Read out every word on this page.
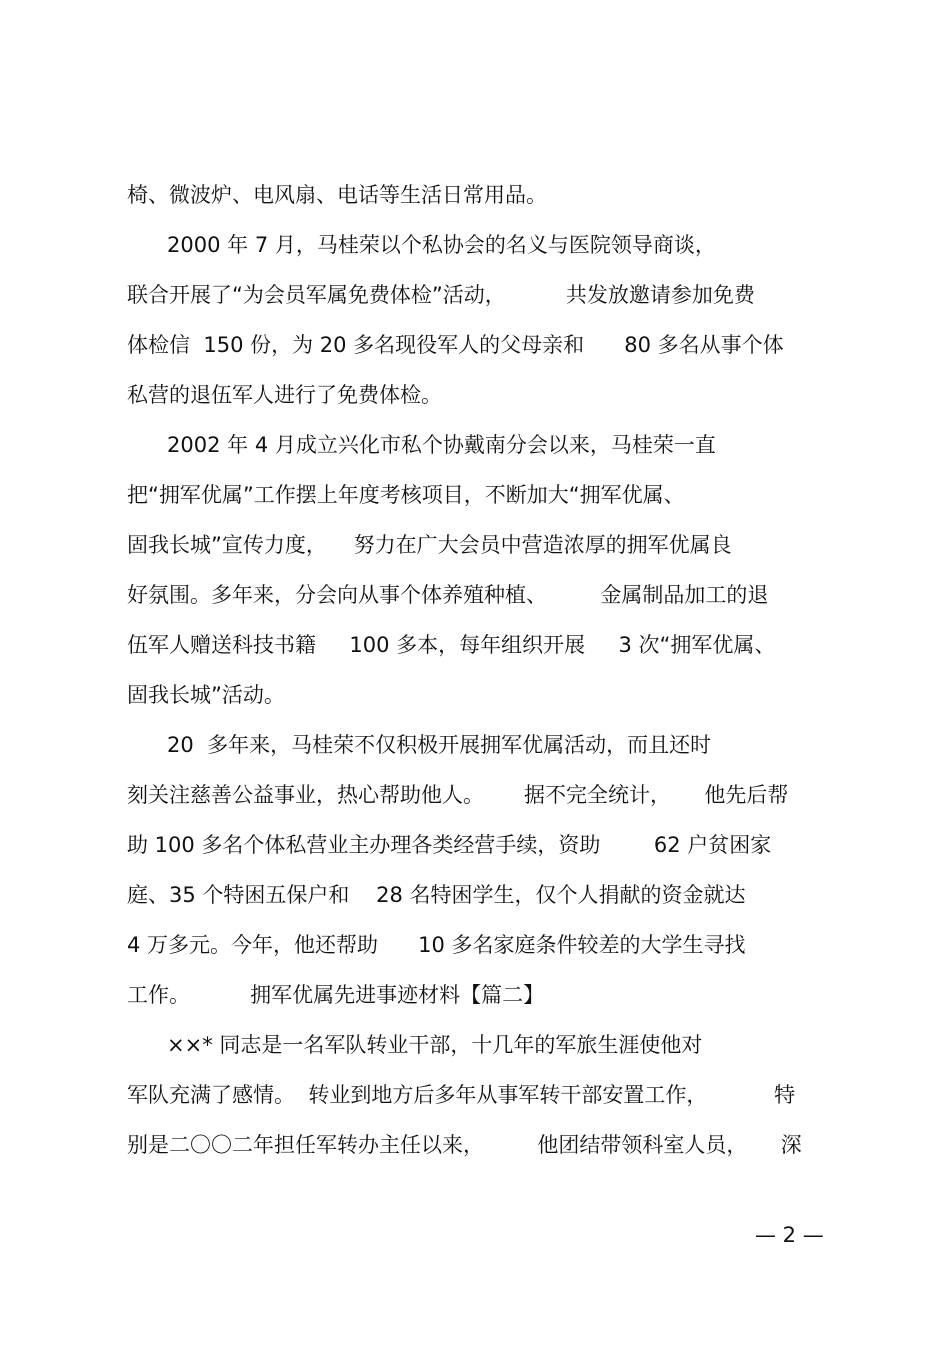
椅、微波炉、电风扇、电话等生活日常用品。
2000 年 7 月，马桂荣以个私协会的名义与医院领导商谈，
联合开展了“为会员军属免费体检”活动，         共发放邀请参加免费
体检信  150 份，为 20 多名现役军人的父母亲和      80 多名从事个体
私营的退伍军人进行了免费体检。
2002 年 4 月成立兴化市私个协戴南分会以来，马桂荣一直
把“拥军优属”工作摆上年度考核项目，不断加大“拥军优属、
固我长城”宣传力度，    努力在广大会员中营造浓厚的拥军优属良
好氛围。多年来，分会向从事个体养殖种植、        金属制品加工的退
伍军人赠送科技书籍     100 多本，每年组织开展     3 次“拥军优属、
固我长城”活动。
20  多年来，马桂荣不仅积极开展拥军优属活动，而且还时
刻关注慈善公益事业，热心帮助他人。      据不完全统计，     他先后帮
助 100 多名个体私营业主办理各类经营手续，资助        62 户贫困家
庭、35 个特困五保户和    28 名特困学生，仅个人捐献的资金就达
4 万多元。今年，他还帮助      10 多名家庭条件较差的大学生寻找
工作。         拥军优属先进事迹材料【篇二】
××* 同志是一名军队转业干部，十几年的军旅生涯使他对
军队充满了感情。  转业到地方后多年从事军转干部安置工作，          特
别是二〇〇二年担任军转办主任以来，        他团结带领科室人员，     深
— 2 —
